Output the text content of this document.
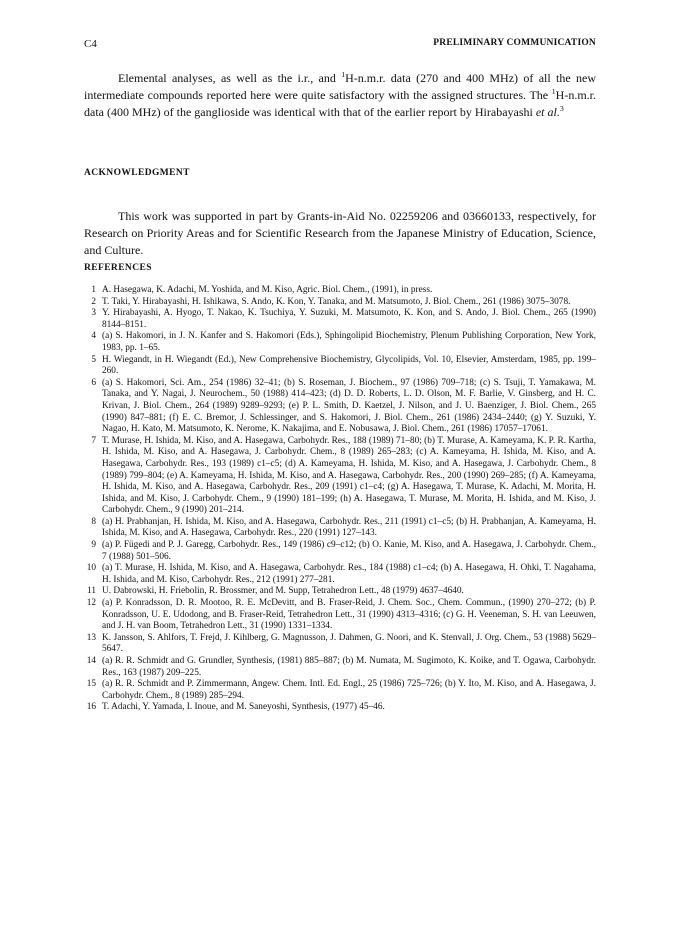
C4	PRELIMINARY COMMUNICATION

Elemental analyses, as well as the i.r., and $^1$H-n.m.r. data (270 and 400 MHz) of all the new intermediate compounds reported here were quite satisfactory with the assigned structures. The $^1$H-n.m.r. data (400 MHz) of the ganglioside was identical with that of the earlier report by Hirabayashi et al.$^3$

ACKNOWLEDGMENT

This work was supported in part by Grants-in-Aid No. 02259206 and 03660133, respectively, for Research on Priority Areas and for Scientific Research from the Japanese Ministry of Education, Science, and Culture.

REFERENCES
1 A. Hasegawa, K. Adachi, M. Yoshida, and M. Kiso, Agric. Biol. Chem., (1991), in press.
2 T. Taki, Y. Hirabayashi, H. Ishikawa, S. Ando, K. Kon, Y. Tanaka, and M. Matsumoto, J. Biol. Chem., 261 (1986) 3075–3078.
3 Y. Hirabayashi, A. Hyogo, T. Nakao, K. Tsuchiya, Y. Suzuki, M. Matsumoto, K. Kon, and S. Ando, J. Biol. Chem., 265 (1990) 8144–8151.
4 (a) S. Hakomori, in J. N. Kanfer and S. Hakomori (Eds.), Sphingolipid Biochemistry, Plenum Publishing Corporation, New York, 1983, pp. 1–65.
5 H. Wiegandt, in H. Wiegandt (Ed.), New Comprehensive Biochemistry, Glycolipids, Vol. 10, Elsevier, Amsterdam, 1985, pp. 199–260.
6 (a) S. Hakomori, Sci. Am., 254 (1986) 32–41; (b) S. Roseman, J. Biochem., 97 (1986) 709–718; (c) S. Tsuji, T. Yamakawa, M. Tanaka, and Y. Nagai, J. Neurochem., 50 (1988) 414–423; (d) D. D. Roberts, L. D. Olson, M. F. Barlie, V. Ginsberg, and H. C. Krivan, J. Biol. Chem., 264 (1989) 9289–9293; (e) P. L. Smith, D. Kaetzel, J. Nilson, and J. U. Baenziger, J. Biol. Chem., 265 (1990) 847–881; (f) E. C. Bremor, J. Schlessinger, and S. Hakomori, J. Biol. Chem., 261 (1986) 2434–2440; (g) Y. Suzuki, Y. Nagao, H. Kato, M. Matsumoto, K. Nerome, K. Nakajima, and E. Nobusawa, J. Biol. Chem., 261 (1986) 17057–17061.
7 T. Murase, H. Ishida, M. Kiso, and A. Hasegawa, Carbohydr. Res., 188 (1989) 71–80; (b) T. Murase, A. Kameyama, K. P. R. Kartha, H. Ishida, M. Kiso, and A. Hasegawa, J. Carbohydr. Chem., 8 (1989) 265–283; (c) A. Kameyama, H. Ishida, M. Kiso, and A. Hasegawa, Carbohydr. Res., 193 (1989) c1–c5; (d) A. Kameyama, H. Ishida, M. Kiso, and A. Hasegawa, J. Carbohydr. Chem., 8 (1989) 799–804; (e) A. Kameyama, H. Ishida, M. Kiso, and A. Hasegawa, Carbohydr. Res., 200 (1990) 269–285; (f) A. Kameyama, H. Ishida, M. Kiso, and A. Hasegawa, Carbohydr. Res., 209 (1991) c1–c4; (g) A. Hasegawa, T. Murase, K. Adachi, M. Morita, H. Ishida, and M. Kiso, J. Carbohydr. Chem., 9 (1990) 181–199; (h) A. Hasegawa, T. Murase, M. Morita, H. Ishida, and M. Kiso, J. Carbohydr. Chem., 9 (1990) 201–214.
8 (a) H. Prabhanjan, H. Ishida, M. Kiso, and A. Hasegawa, Carbohydr. Res., 211 (1991) c1–c5; (b) H. Prabhanjan, A. Kameyama, H. Ishida, M. Kiso, and A. Hasegawa, Carbohydr. Res., 220 (1991) 127–143.
9 (a) P. Fügedi and P. J. Garegg, Carbohydr. Res., 149 (1986) c9–c12; (b) O. Kanie, M. Kiso, and A. Hasegawa, J. Carbohydr. Chem., 7 (1988) 501–506.
10 (a) T. Murase, H. Ishida, M. Kiso, and A. Hasegawa, Carbohydr. Res., 184 (1988) c1–c4; (b) A. Hasegawa, H. Ohki, T. Nagahama, H. Ishida, and M. Kiso, Carbohydr. Res., 212 (1991) 277–281.
11 U. Dabrowski, H. Friebolin, R. Brossmer, and M. Supp, Tetrahedron Lett., 48 (1979) 4637–4640.
12 (a) P. Konradsson, D. R. Mootoo, R. E. McDevitt, and B. Fraser-Reid, J. Chem. Soc., Chem. Commun., (1990) 270–272; (b) P. Konradsson, U. E. Udodong, and B. Fraser-Reid, Tetrahedron Lett., 31 (1990) 4313–4316; (c) G. H. Veeneman, S. H. van Leeuwen, and J. H. van Boom, Tetrahedron Lett., 31 (1990) 1331–1334.
13 K. Jansson, S. Ahlfors, T. Frejd, J. Kihlberg, G. Magnusson, J. Dahmen, G. Noori, and K. Stenvall, J. Org. Chem., 53 (1988) 5629–5647.
14 (a) R. R. Schmidt and G. Grundler, Synthesis, (1981) 885–887; (b) M. Numata, M. Sugimoto, K. Koike, and T. Ogawa, Carbohydr. Res., 163 (1987) 209–225.
15 (a) R. R. Schmidt and P. Zimmermann, Angew. Chem. Intl. Ed. Engl., 25 (1986) 725–726; (b) Y. Ito, M. Kiso, and A. Hasegawa, J. Carbohydr. Chem., 8 (1989) 285–294.
16 T. Adachi, Y. Yamada, I. Inoue, and M. Saneyoshi, Synthesis, (1977) 45–46.
